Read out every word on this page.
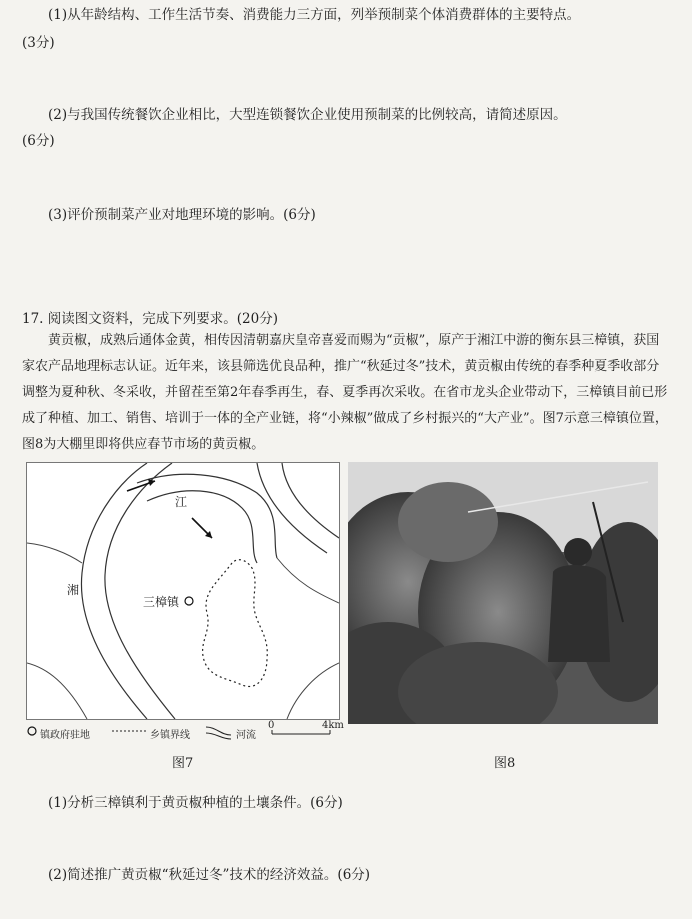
(1)从年龄结构、工作生活节奏、消费能力三方面，列举预制菜个体消费群体的主要特点。
(3分)
(2)与我国传统餐饮企业相比，大型连锁餐饮企业使用预制菜的比例较高，请简述原因。
(6分)
(3)评价预制菜产业对地理环境的影响。(6分)
17. 阅读图文资料，完成下列要求。(20分)
黄贡椒，成熟后通体金黄，相传因清朝嘉庆皇帝喜爱而赐为“贡椒”，原产于湘江中游的衡东县三樟镇，获国家农产品地理标志认证。近年来，该县筛选优良品种，推广“秋延过冬”技术，黄贡椒由传统的春季种夏季收部分调整为夏种秋、冬采收，并留茬至第2年春季再生，春、夏季再次采收。在省市龙头企业带动下，三樟镇目前已形成了种植、加工、销售、培训于一体的全产业链，将“小辣椒”做成了乡村振兴的“大产业”。图7示意三樟镇位置，图8为大棚里即将供应春节市场的黄贡椒。
江
湘
三樟镇
镇政府驻地	乡镇界线	河流
0	4km
图7	图8
(1)分析三樟镇利于黄贡椒种植的土壤条件。(6分)
(2)简述推广黄贡椒“秋延过冬”技术的经济效益。(6分)
